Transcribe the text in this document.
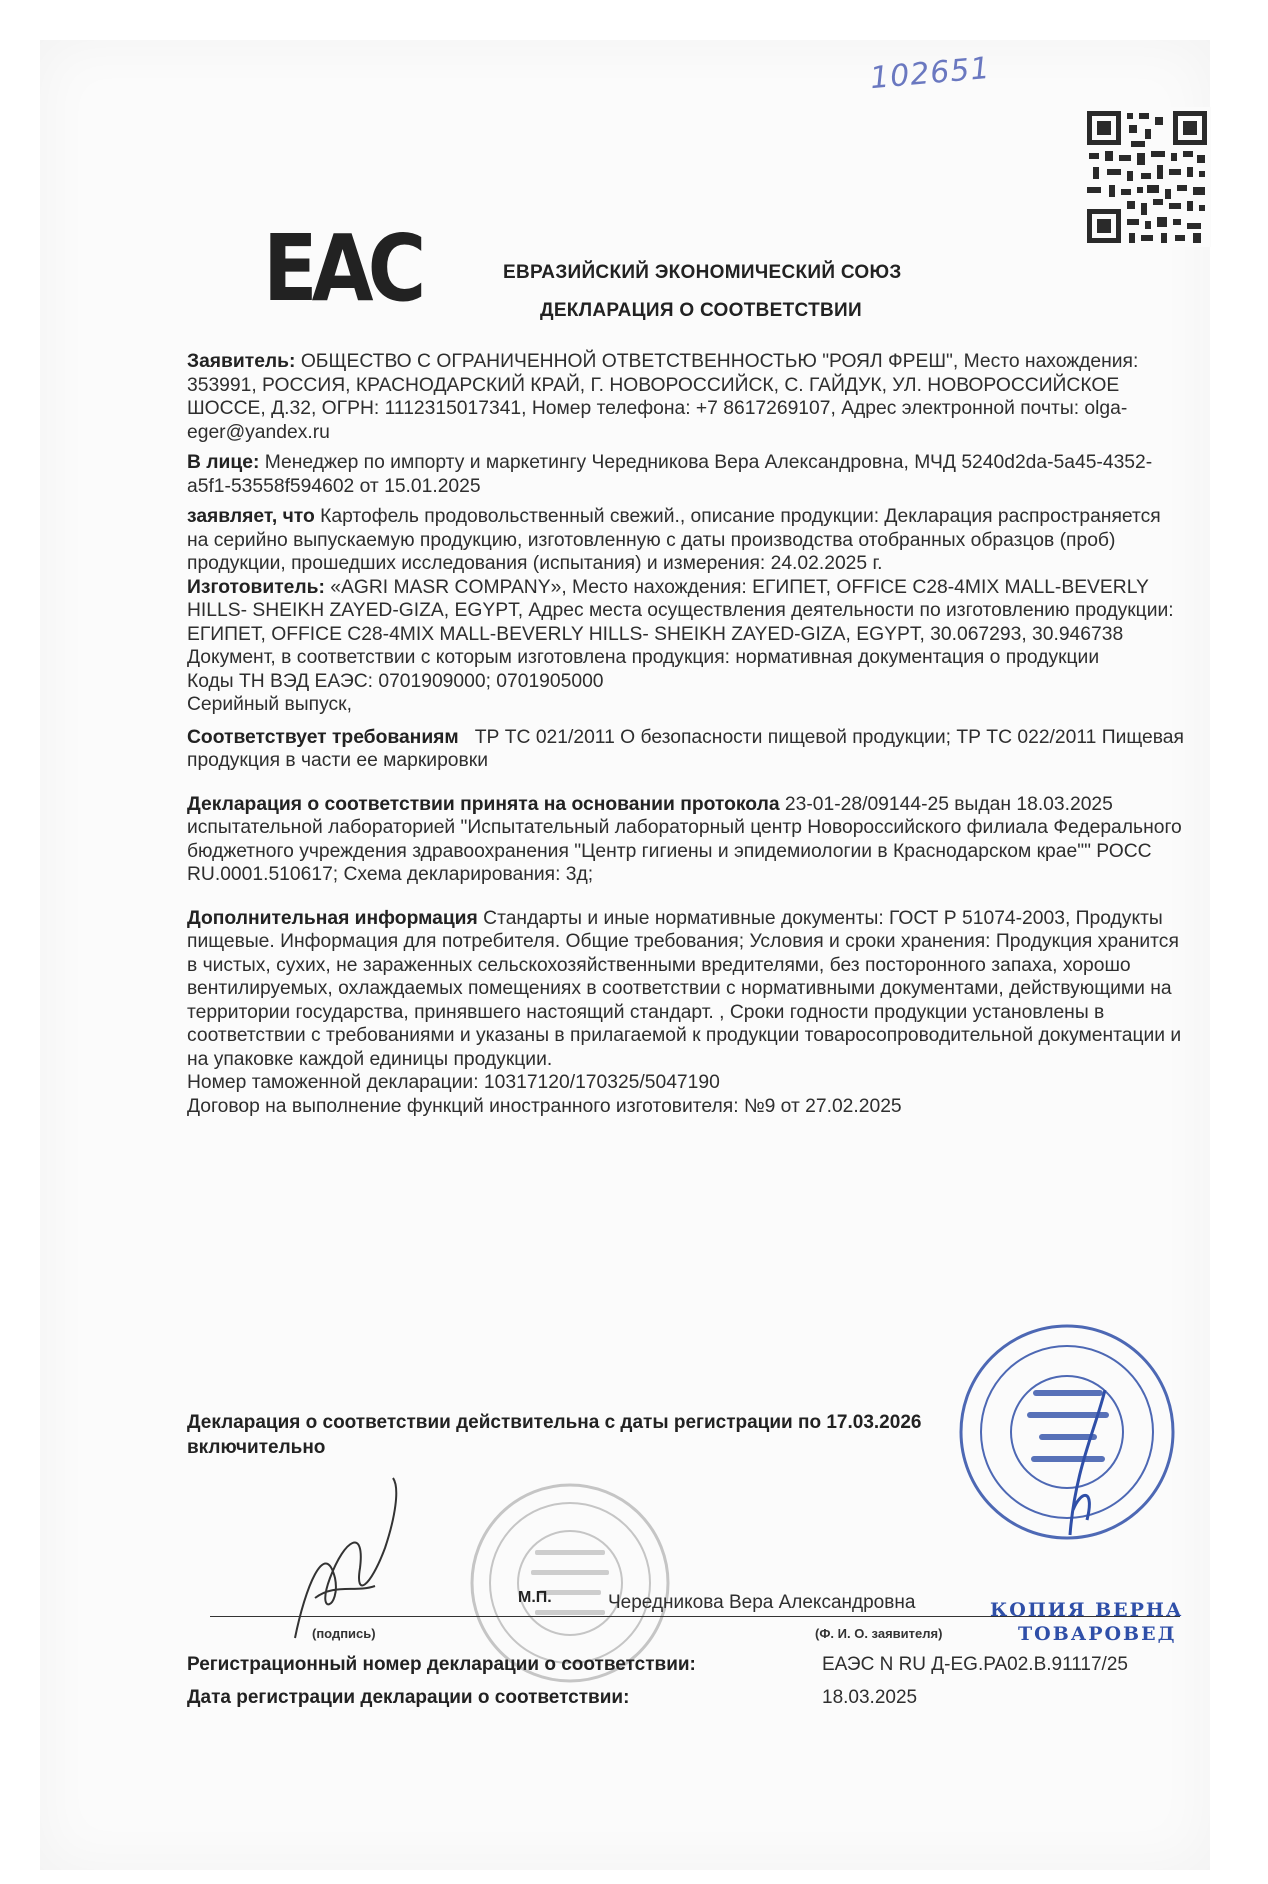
102651
ЕАС	ЕВРАЗИЙСКИЙ ЭКОНОМИЧЕСКИЙ СОЮЗ
ДЕКЛАРАЦИЯ О СООТВЕТСТВИИ

Заявитель: ОБЩЕСТВО С ОГРАНИЧЕННОЙ ОТВЕТСТВЕННОСТЬЮ "РОЯЛ ФРЕШ", Место нахождения: 353991, РОССИЯ, КРАСНОДАРСКИЙ КРАЙ, Г. НОВОРОССИЙСК, С. ГАЙДУК, УЛ. НОВОРОССИЙСКОЕ ШОССЕ, Д.32, ОГРН: 1112315017341, Номер телефона: +7 8617269107, Адрес электронной почты: olga-eger@yandex.ru

В лице: Менеджер по импорту и маркетингу Чередникова Вера Александровна, МЧД 5240d2da-5a45-4352-a5f1-53558f594602 от 15.01.2025

заявляет, что Картофель продовольственный свежий., описание продукции: Декларация распространяется на серийно выпускаемую продукцию, изготовленную с даты производства отобранных образцов (проб) продукции, прошедших исследования (испытания) и измерения: 24.02.2025 г.

Изготовитель: «AGRI MASR COMPANY», Место нахождения: ЕГИПЕТ, OFFICE C28-4MIX MALL-BEVERLY HILLS- SHEIKH ZAYED-GIZA, EGYPT, Адрес места осуществления деятельности по изготовлению продукции: ЕГИПЕТ, OFFICE C28-4MIX MALL-BEVERLY HILLS- SHEIKH ZAYED-GIZA, EGYPT, 30.067293, 30.946738

Документ, в соответствии с которым изготовлена продукция: нормативная документация о продукции

Коды ТН ВЭД ЕАЭС: 0701909000; 0701905000

Серийный выпуск,

Соответствует требованиям ТР ТС 021/2011 О безопасности пищевой продукции; ТР ТС 022/2011 Пищевая продукция в части ее маркировки

Декларация о соответствии принята на основании протокола 23-01-28/09144-25 выдан 18.03.2025 испытательной лабораторией "Испытательный лабораторный центр Новороссийского филиала Федерального бюджетного учреждения здравоохранения "Центр гигиены и эпидемиологии в Краснодарском крае"" РОСС RU.0001.510617; Схема декларирования: 3д;

Дополнительная информация Стандарты и иные нормативные документы: ГОСТ Р 51074-2003, Продукты пищевые. Информация для потребителя. Общие требования; Условия и сроки хранения: Продукция хранится в чистых, сухих, не зараженных сельскохозяйственными вредителями, без посторонного запаха, хорошо вентилируемых, охлаждаемых помещениях в соответствии с нормативными документами, действующими на территории государства, принявшего настоящий стандарт. , Сроки годности продукции установлены в соответствии с требованиями и указаны в прилагаемой к продукции товаросопроводительной документации и на упаковке каждой единицы продукции.

Номер таможенной декларации: 10317120/170325/5047190

Договор на выполнение функций иностранного изготовителя: №9 от 27.02.2025

Декларация о соответствии действительна с даты регистрации по 17.03.2026
включительно
М.П.	Чередникова Вера Александровна
(подпись)	(Ф. И. О. заявителя)
КОПИЯ ВЕРНА
ТОВАРОВЕД
Регистрационный номер декларации о соответствии:	ЕАЭС N RU Д-EG.PA02.B.91117/25
Дата регистрации декларации о соответствии:	18.03.2025
